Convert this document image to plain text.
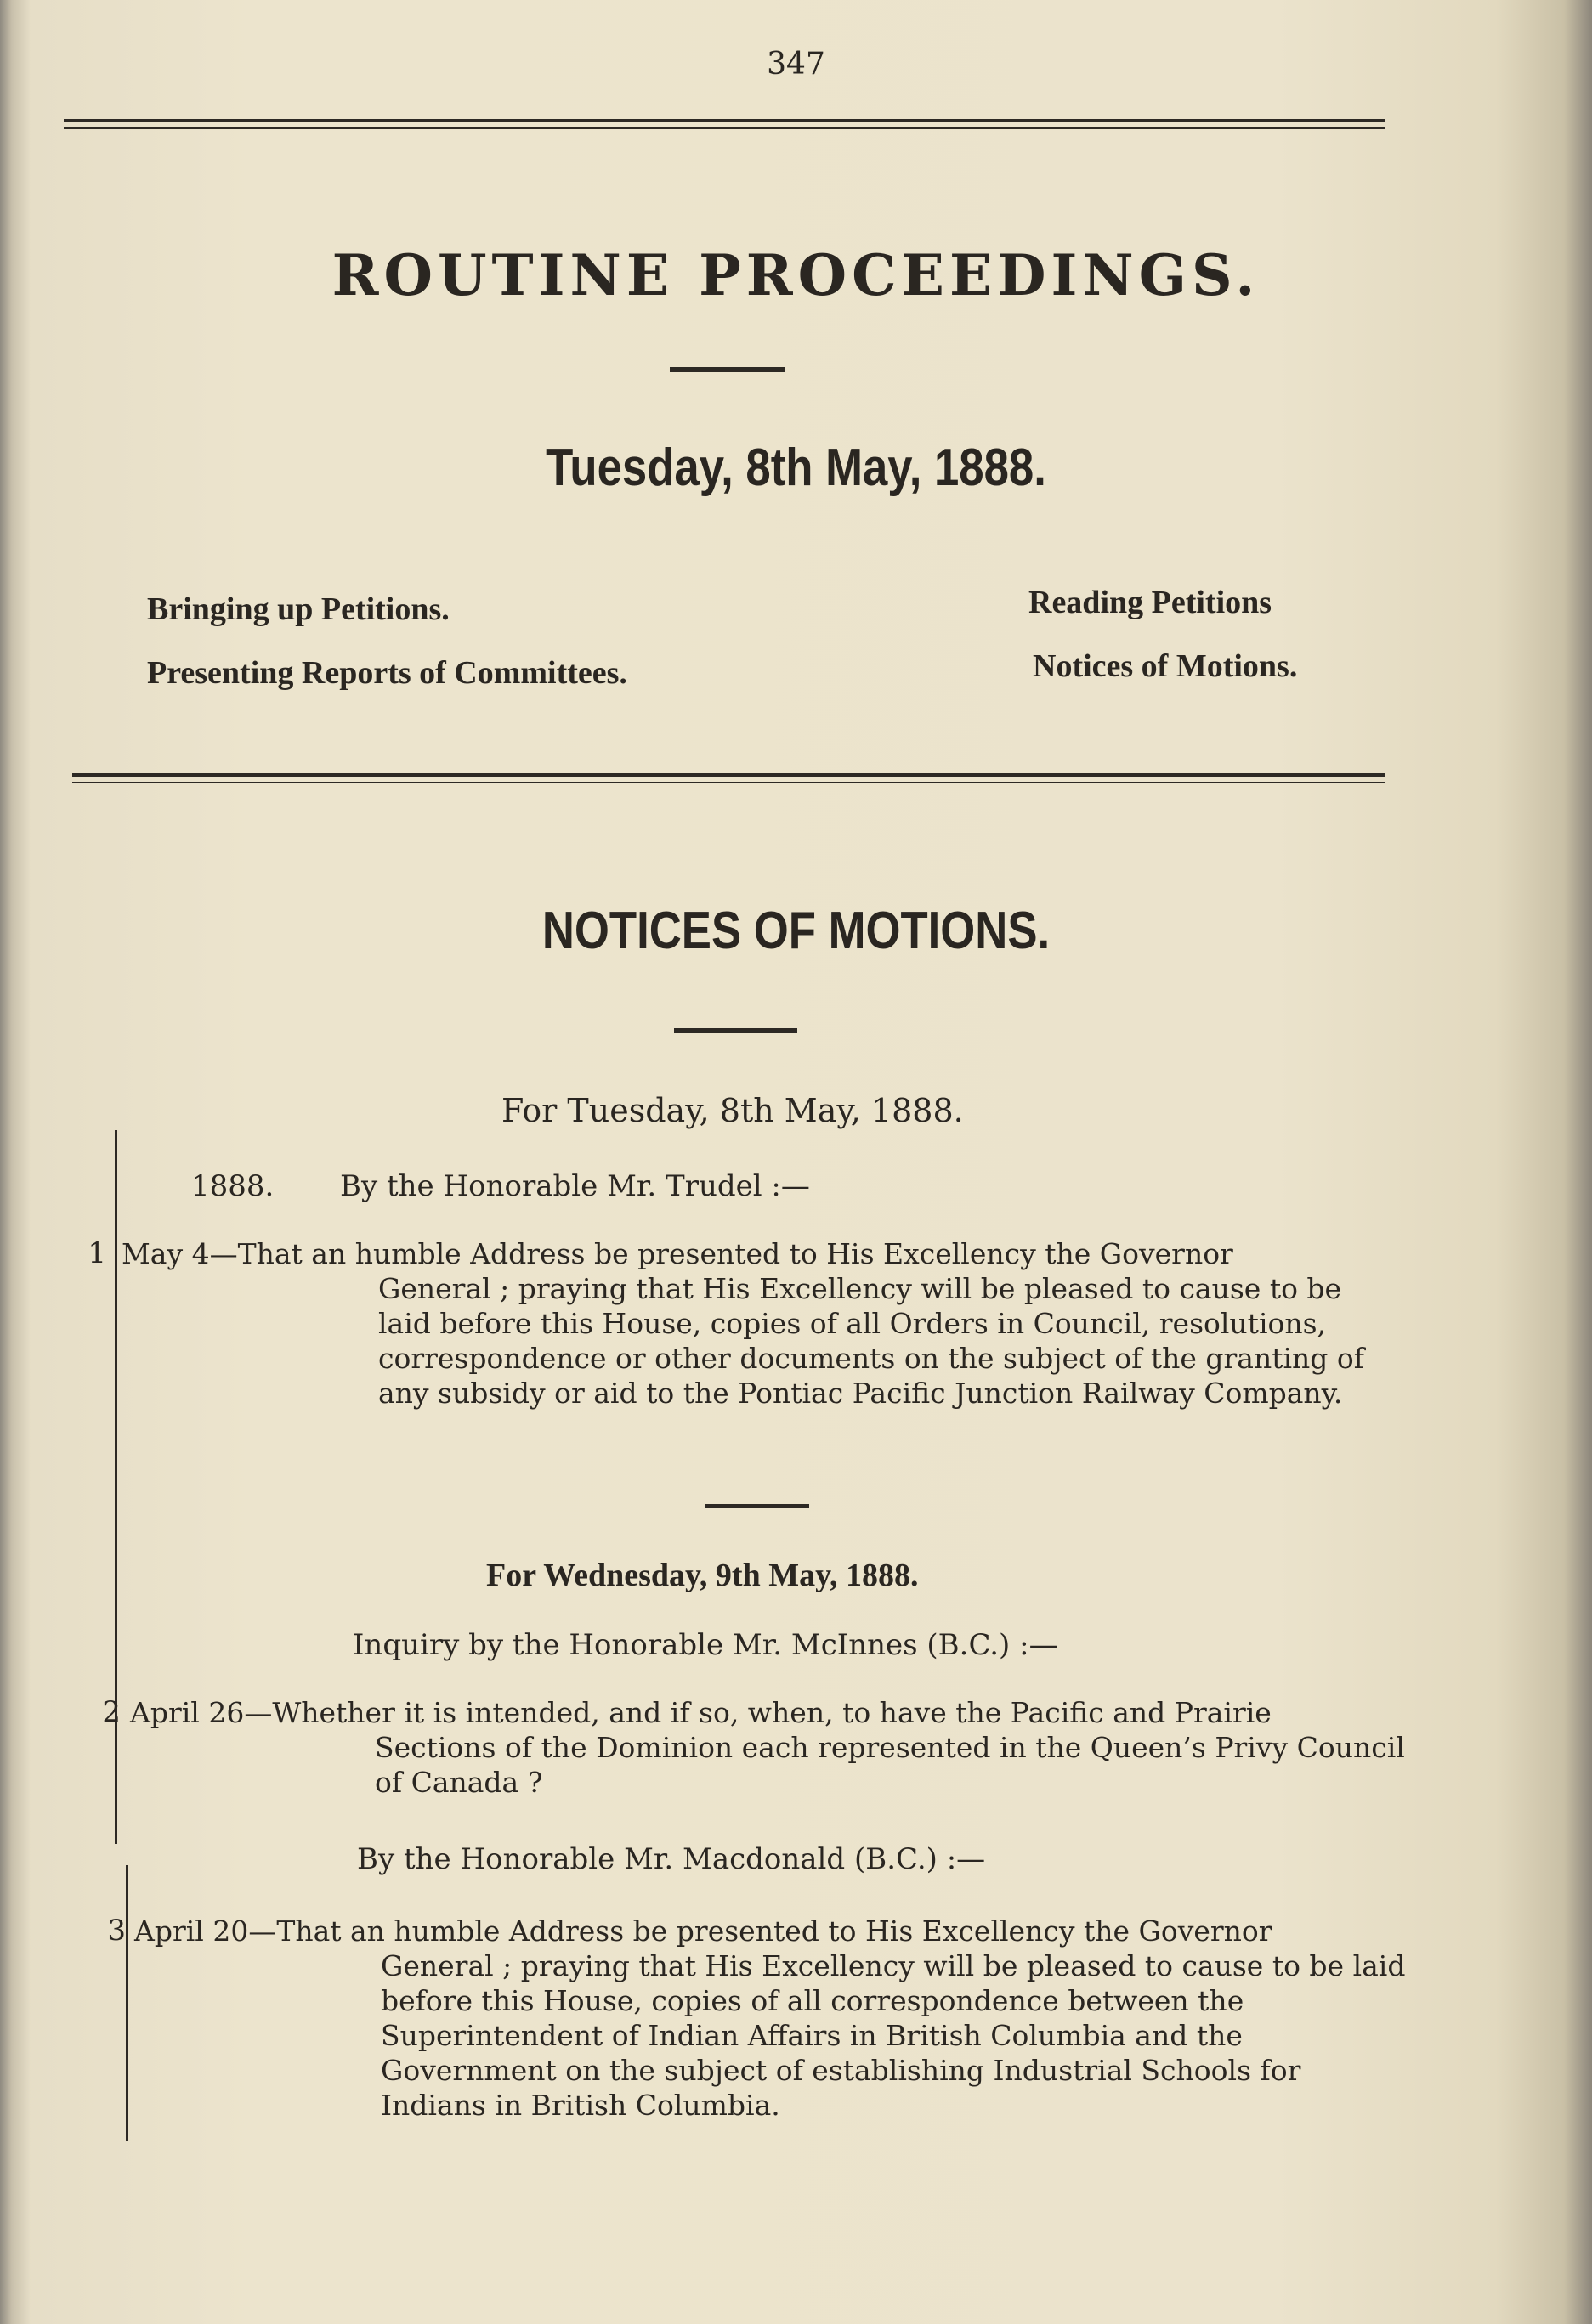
347
ROUTINE PROCEEDINGS.
Tuesday, 8th May, 1888.
Bringing up Petitions.
Presenting Reports of Committees.
Reading Petitions
Notices of Motions.
NOTICES OF MOTIONS.
For Tuesday, 8th May, 1888.
1888. By the Honorable Mr. Trudel :—
1 May 4—That an humble Address be presented to His Excellency the Governor
General ; praying that His Excellency will be pleased to cause to be laid before this House, copies of all Orders in Council, resolutions, correspondence or other documents on the subject of the granting of any subsidy or aid to the Pontiac Pacific Junction Railway Company.
For Wednesday, 9th May, 1888.
Inquiry by the Honorable Mr. McInnes (B.C.) :—
2 April 26—Whether it is intended, and if so, when, to have the Pacific and Prairie
Sections of the Dominion each represented in the Queen’s Privy Council of Canada ?
By the Honorable Mr. Macdonald (B.C.) :—
3 April 20—That an humble Address be presented to His Excellency the Governor
General ; praying that His Excellency will be pleased to cause to be laid before this House, copies of all correspondence between the Superintendent of Indian Affairs in British Columbia and the Government on the subject of establishing Industrial Schools for Indians in British Columbia.
